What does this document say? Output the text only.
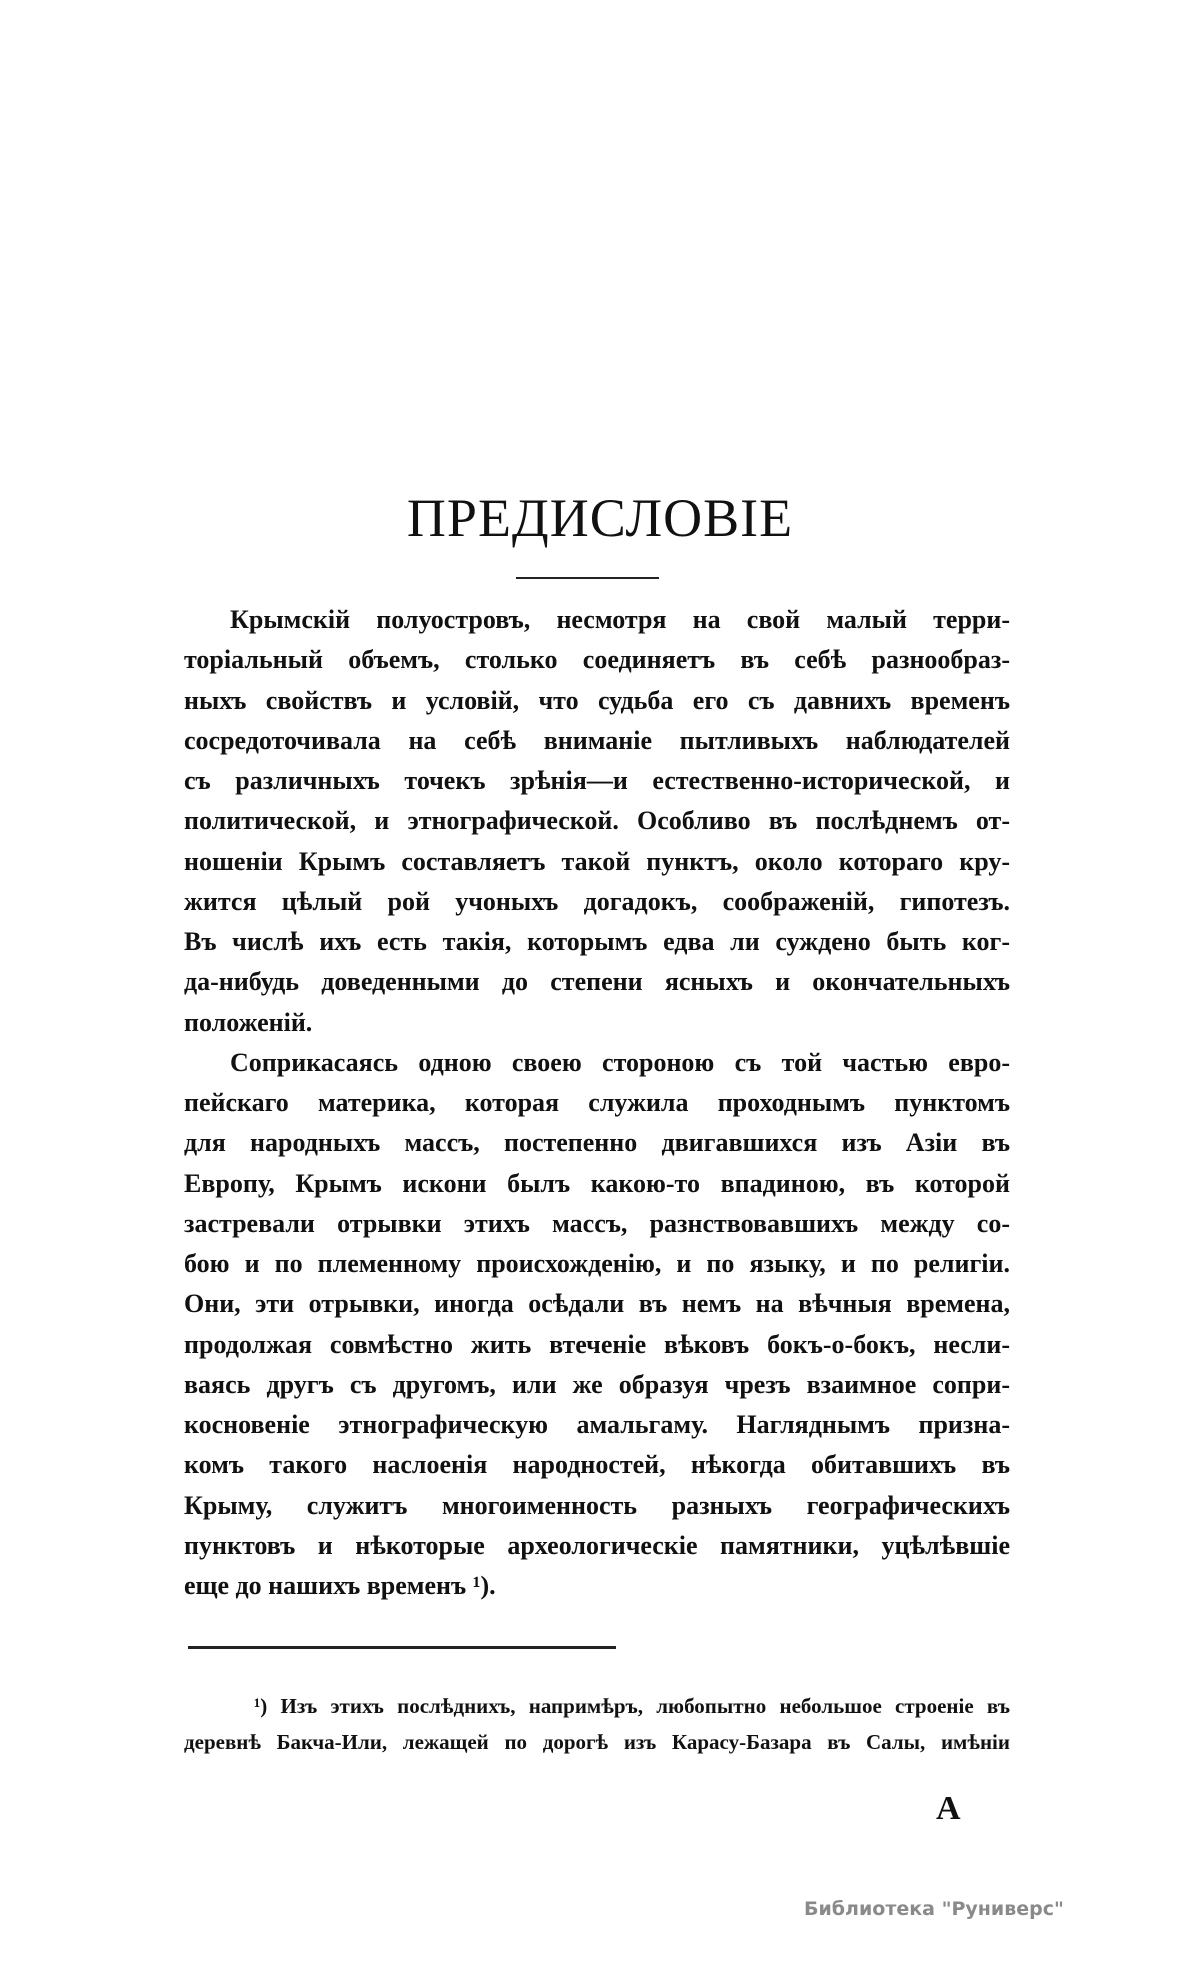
ПРЕДИСЛОВІЕ
Крымскій полуостровъ, несмотря на свой малый терри-
торіальный объемъ, столько соединяетъ въ себѣ разнообраз-
ныхъ свойствъ и условій, что судьба его съ давнихъ временъ
сосредоточивала на себѣ вниманіе пытливыхъ наблюдателей
съ различныхъ точекъ зрѣнія—и естественно-исторической, и
политической, и этнографической. Особливо въ послѣднемъ от-
ношеніи Крымъ составляетъ такой пунктъ, около котораго кру-
жится цѣлый рой учоныхъ догадокъ, соображеній, гипотезъ.
Въ числѣ ихъ есть такія, которымъ едва ли суждено быть ког-
да-нибудь доведенными до степени ясныхъ и окончательныхъ
положеній.
Соприкасаясь одною своею стороною съ той частью евро-
пейскаго материка, которая служила проходнымъ пунктомъ
для народныхъ массъ, постепенно двигавшихся изъ Азіи въ
Европу, Крымъ искони былъ какою-то впадиною, въ которой
застревали отрывки этихъ массъ, разнствовавшихъ между со-
бою и по племенному происхожденію, и по языку, и по религіи.
Они, эти отрывки, иногда осѣдали въ немъ на вѣчныя времена,
продолжая совмѣстно жить втеченіе вѣковъ бокъ-о-бокъ, несли-
ваясь другъ съ другомъ, или же образуя чрезъ взаимное сопри-
косновеніе этнографическую амальгаму. Нагляднымъ призна-
комъ такого наслоенія народностей, нѣкогда обитавшихъ въ
Крыму, служитъ многоименность разныхъ географическихъ
пунктовъ и нѣкоторые археологическіе памятники, уцѣлѣвшіе
еще до нашихъ временъ ¹).
¹) Изъ этихъ послѣднихъ, напримѣръ, любопытно небольшое строеніе въ
деревнѣ Бакча-Или, лежащей по дорогѣ изъ Карасу-Базара въ Салы, имѣніи
А
Библиотека "Руниверс"
